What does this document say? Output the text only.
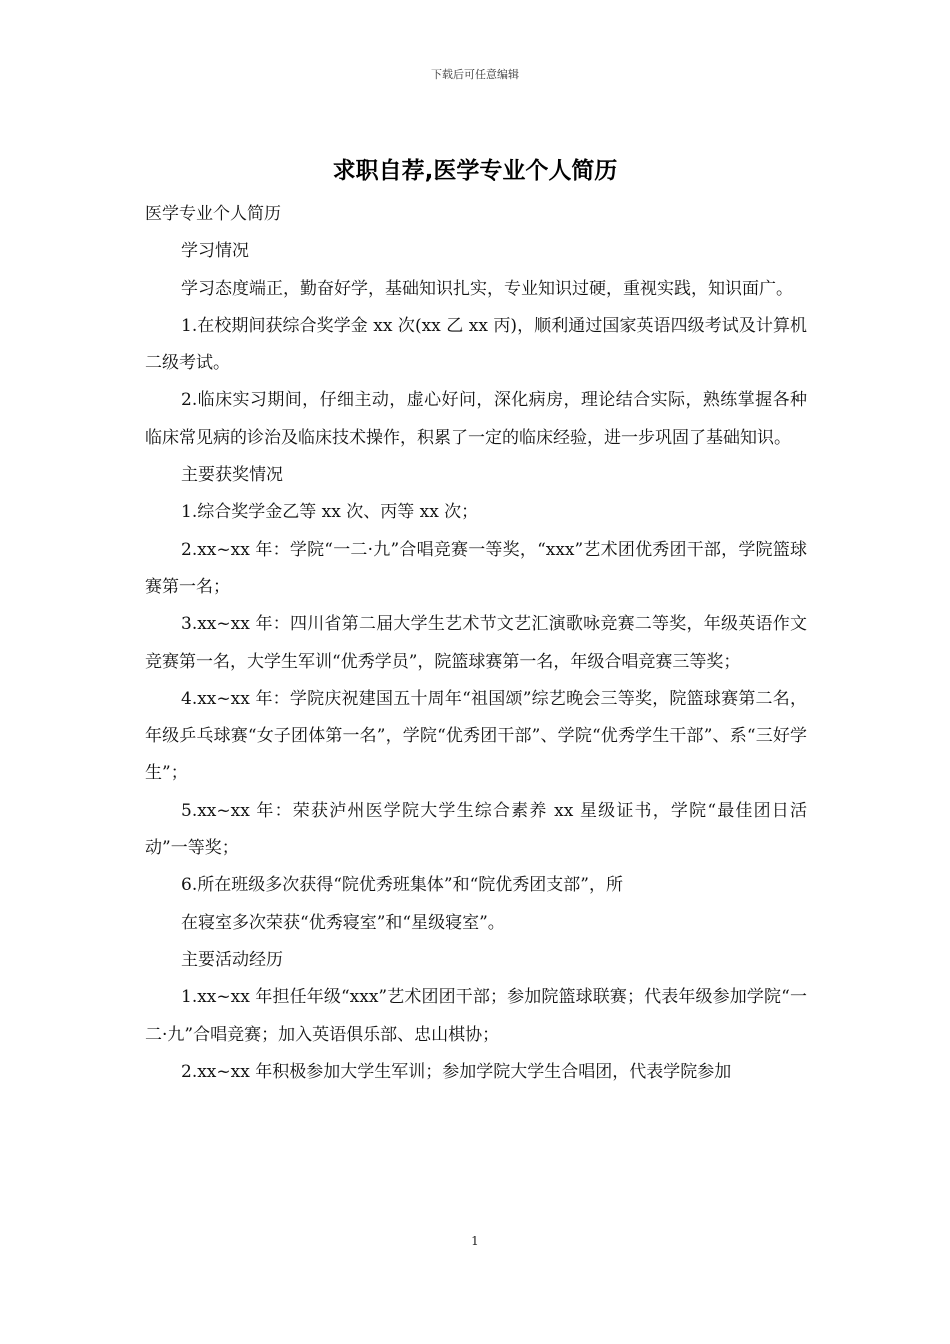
下载后可任意编辑
求职自荐,医学专业个人简历

医学专业个人简历

学习情况

学习态度端正，勤奋好学，基础知识扎实，专业知识过硬，重视实践，知识面广。

1.在校期间获综合奖学金 xx 次(xx 乙 xx 丙)，顺利通过国家英语四级考试及计算机二级考试。

2.临床实习期间，仔细主动，虚心好问，深化病房，理论结合实际，熟练掌握各种临床常见病的诊治及临床技术操作，积累了一定的临床经验，进一步巩固了基础知识。

主要获奖情况

1.综合奖学金乙等 xx 次、丙等 xx 次；

2.xx~xx 年：学院“一二·九”合唱竞赛一等奖，“xxx”艺术团优秀团干部，学院篮球赛第一名；

3.xx~xx 年：四川省第二届大学生艺术节文艺汇演歌咏竞赛二等奖，年级英语作文竞赛第一名，大学生军训“优秀学员”，院篮球赛第一名，年级合唱竞赛三等奖；

4.xx~xx 年：学院庆祝建国五十周年“祖国颂”综艺晚会三等奖，院篮球赛第二名，年级乒乓球赛“女子团体第一名”，学院“优秀团干部”、学院“优秀学生干部”、系“三好学生”；

5.xx~xx 年：荣获泸州医学院大学生综合素养 xx 星级证书，学院“最佳团日活动”一等奖；

6.所在班级多次获得“院优秀班集体”和“院优秀团支部”，所

在寝室多次荣获“优秀寝室”和“星级寝室”。

主要活动经历

1.xx~xx 年担任年级“xxx”艺术团团干部；参加院篮球联赛；代表年级参加学院“一二·九”合唱竞赛；加入英语俱乐部、忠山棋协；

2.xx~xx 年积极参加大学生军训；参加学院大学生合唱团，代表学院参加

1
